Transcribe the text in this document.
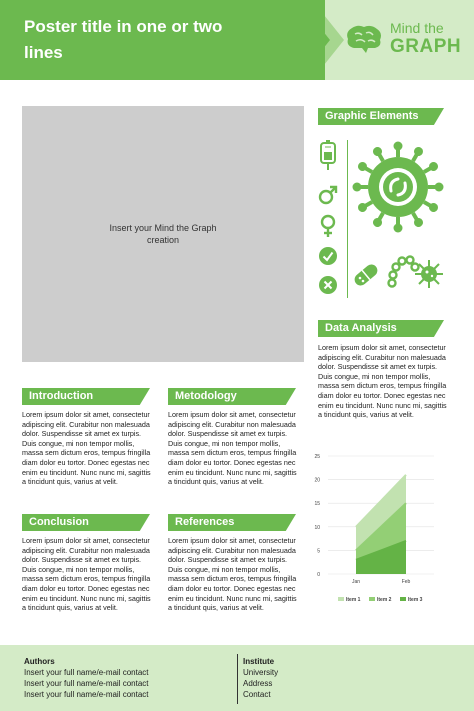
Poster title in one or two lines
Mind the
GRAPH
Insert your Mind the Graph creation
Graphic Elements
Data Analysis
Lorem ipsum dolor sit amet, consectetur adipiscing elit. Curabitur non malesuada dolor. Suspendisse sit amet ex turpis. Duis congue, mi non tempor mollis, massa sem dictum eros, tempus fringilla diam dolor eu tortor. Donec egestas nec enim eu tincidunt. Nunc nunc mi, sagittis a tincidunt quis, varius at velit.
Introduction
Lorem ipsum dolor sit amet, consectetur adipiscing elit. Curabitur non malesuada dolor. Suspendisse sit amet ex turpis. Duis congue, mi non tempor mollis, massa sem dictum eros, tempus fringilla diam dolor eu tortor. Donec egestas nec enim eu tincidunt. Nunc nunc mi, sagittis a tincidunt quis, varius at velit.
Metodology
Lorem ipsum dolor sit amet, consectetur adipiscing elit. Curabitur non malesuada dolor. Suspendisse sit amet ex turpis. Duis congue, mi non tempor mollis, massa sem dictum eros, tempus fringilla diam dolor eu tortor. Donec egestas nec enim eu tincidunt. Nunc nunc mi, sagittis a tincidunt quis, varius at velit.
Conclusion
Lorem ipsum dolor sit amet, consectetur adipiscing elit. Curabitur non malesuada dolor. Suspendisse sit amet ex turpis. Duis congue, mi non tempor mollis, massa sem dictum eros, tempus fringilla diam dolor eu tortor. Donec egestas nec enim eu tincidunt. Nunc nunc mi, sagittis a tincidunt quis, varius at velit.
References
Lorem ipsum dolor sit amet, consectetur adipiscing elit. Curabitur non malesuada dolor. Suspendisse sit amet ex turpis. Duis congue, mi non tempor mollis, massa sem dictum eros, tempus fringilla diam dolor eu tortor. Donec egestas nec enim eu tincidunt. Nunc nunc mi, sagittis a tincidunt quis, varius at velit.
0
5
10
15
20
25
Jan	Feb
Item 1	Item 2	Item 3
Authors
Insert your full name/e-mail contact
Insert your full name/e-mail contact
Insert your full name/e-mail contact
Institute
University
Address
Contact
